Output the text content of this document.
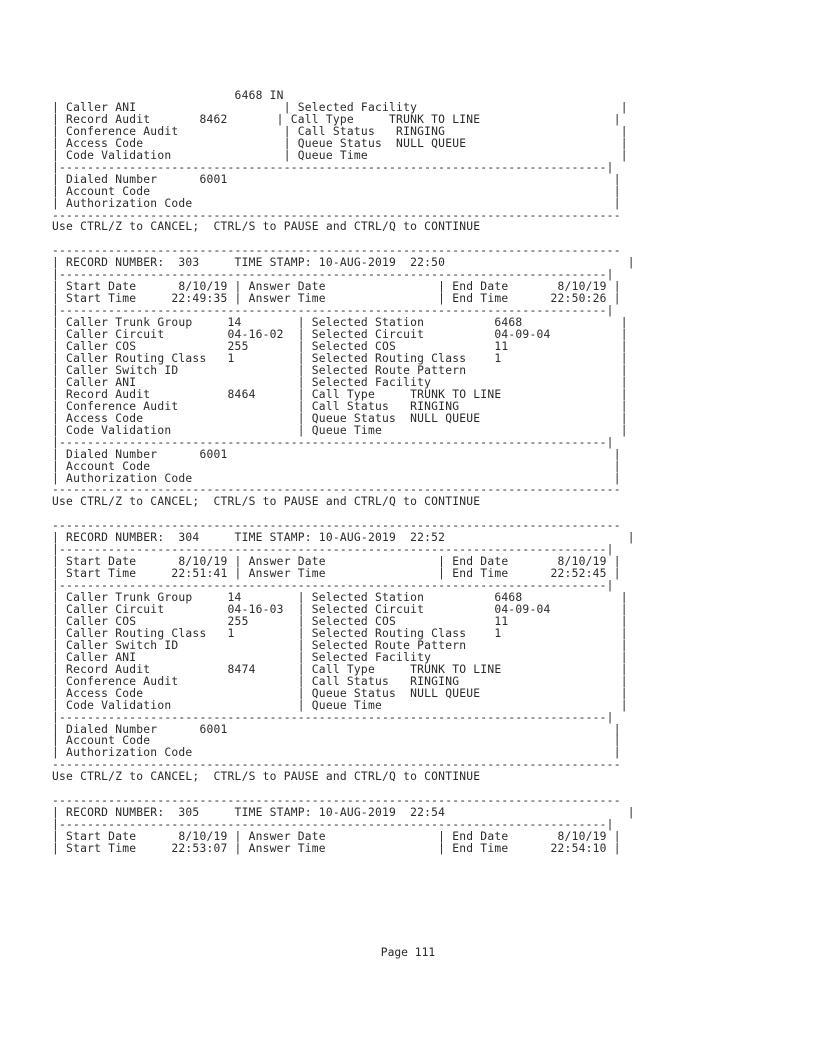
6468 IN
| Caller ANI                     | Selected Facility                             |
| Record Audit       8462       | Call Type     TRUNK TO LINE                   |
| Conference Audit               | Call Status   RINGING                         |
| Access Code                    | Queue Status  NULL QUEUE                      |
| Code Validation                | Queue Time                                    |
|------------------------------------------------------------------------------|
| Dialed Number      6001                                                       |
| Account Code                                                                  |
| Authorization Code                                                            |
---------------------------------------------------------------------------------
Use CTRL/Z to CANCEL;  CTRL/S to PAUSE and CTRL/Q to CONTINUE

---------------------------------------------------------------------------------
| RECORD NUMBER:  303     TIME STAMP: 10-AUG-2019  22:50                          |
|------------------------------------------------------------------------------|
| Start Date      8/10/19 | Answer Date                | End Date       8/10/19 |
| Start Time     22:49:35 | Answer Time                | End Time      22:50:26 |
|------------------------------------------------------------------------------|
| Caller Trunk Group     14        | Selected Station          6468              |
| Caller Circuit         04-16-02  | Selected Circuit          04-09-04          |
| Caller COS             255       | Selected COS              11                |
| Caller Routing Class   1         | Selected Routing Class    1                 |
| Caller Switch ID                 | Selected Route Pattern                      |
| Caller ANI                       | Selected Facility                           |
| Record Audit           8464      | Call Type     TRUNK TO LINE                 |
| Conference Audit                 | Call Status   RINGING                       |
| Access Code                      | Queue Status  NULL QUEUE                    |
| Code Validation                  | Queue Time                                  |
|------------------------------------------------------------------------------|
| Dialed Number      6001                                                       |
| Account Code                                                                  |
| Authorization Code                                                            |
---------------------------------------------------------------------------------
Use CTRL/Z to CANCEL;  CTRL/S to PAUSE and CTRL/Q to CONTINUE

---------------------------------------------------------------------------------
| RECORD NUMBER:  304     TIME STAMP: 10-AUG-2019  22:52                          |
|------------------------------------------------------------------------------|
| Start Date      8/10/19 | Answer Date                | End Date       8/10/19 |
| Start Time     22:51:41 | Answer Time                | End Time      22:52:45 |
|------------------------------------------------------------------------------|
| Caller Trunk Group     14        | Selected Station          6468              |
| Caller Circuit         04-16-03  | Selected Circuit          04-09-04          |
| Caller COS             255       | Selected COS              11                |
| Caller Routing Class   1         | Selected Routing Class    1                 |
| Caller Switch ID                 | Selected Route Pattern                      |
| Caller ANI                       | Selected Facility                           |
| Record Audit           8474      | Call Type     TRUNK TO LINE                 |
| Conference Audit                 | Call Status   RINGING                       |
| Access Code                      | Queue Status  NULL QUEUE                    |
| Code Validation                  | Queue Time                                  |
|------------------------------------------------------------------------------|
| Dialed Number      6001                                                       |
| Account Code                                                                  |
| Authorization Code                                                            |
---------------------------------------------------------------------------------
Use CTRL/Z to CANCEL;  CTRL/S to PAUSE and CTRL/Q to CONTINUE

---------------------------------------------------------------------------------
| RECORD NUMBER:  305     TIME STAMP: 10-AUG-2019  22:54                          |
|------------------------------------------------------------------------------|
| Start Date      8/10/19 | Answer Date                | End Date       8/10/19 |
| Start Time     22:53:07 | Answer Time                | End Time      22:54:10 |
Page 111
